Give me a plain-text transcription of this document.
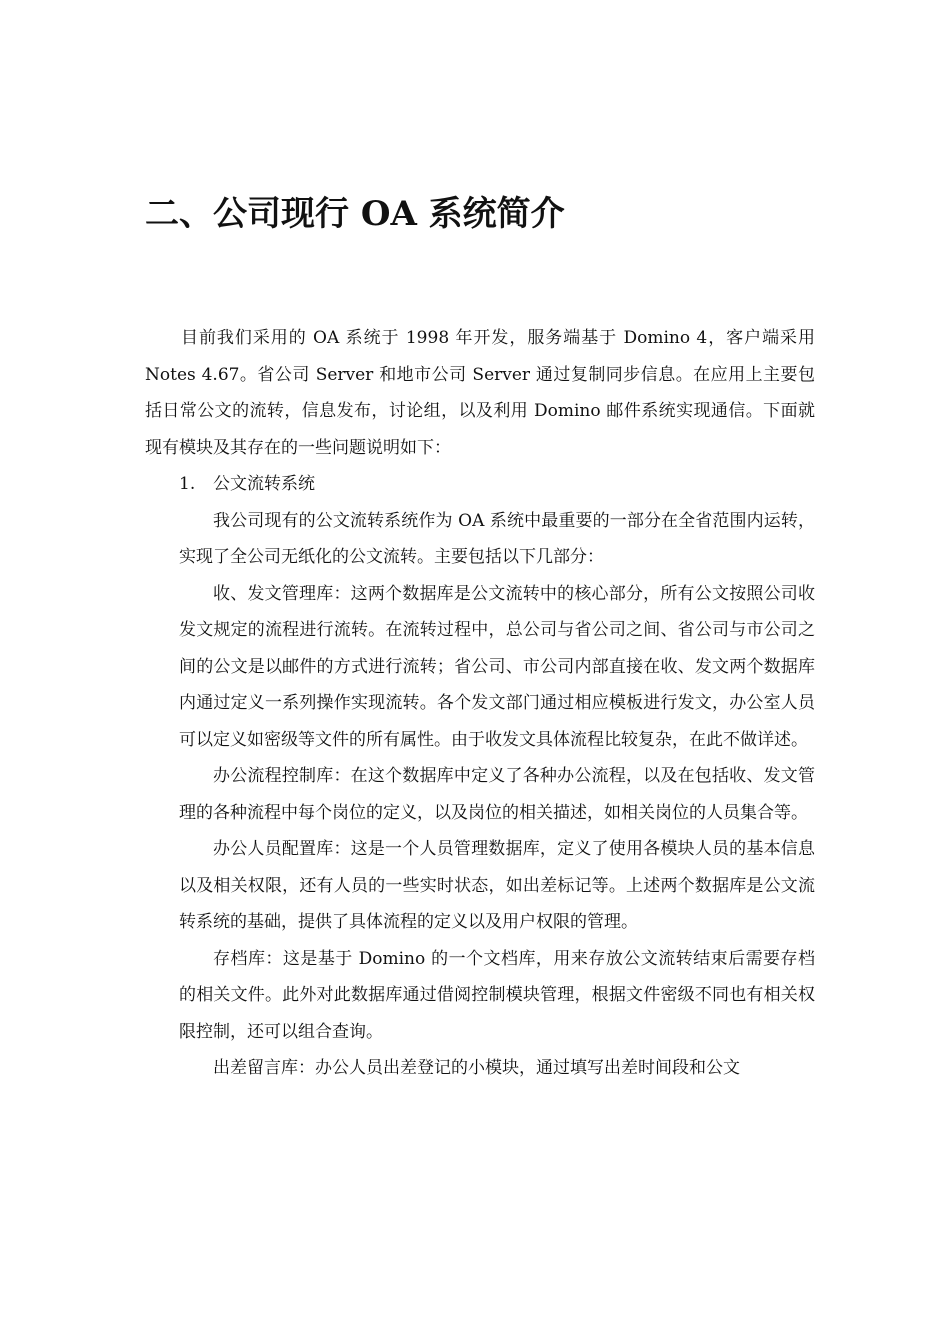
二、公司现行 OA 系统简介

目前我们采用的 OA 系统于 1998 年开发，服务端基于 Domino 4，客户端采用 Notes 4.67。省公司 Server 和地市公司 Server 通过复制同步信息。在应用上主要包括日常公文的流转，信息发布，讨论组，以及利用 Domino 邮件系统实现通信。下面就现有模块及其存在的一些问题说明如下：

1.	公文流转系统

我公司现有的公文流转系统作为 OA 系统中最重要的一部分在全省范围内运转，实现了全公司无纸化的公文流转。主要包括以下几部分：

收、发文管理库：这两个数据库是公文流转中的核心部分，所有公文按照公司收发文规定的流程进行流转。在流转过程中，总公司与省公司之间、省公司与市公司之间的公文是以邮件的方式进行流转；省公司、市公司内部直接在收、发文两个数据库内通过定义一系列操作实现流转。各个发文部门通过相应模板进行发文，办公室人员可以定义如密级等文件的所有属性。由于收发文具体流程比较复杂，在此不做详述。

办公流程控制库：在这个数据库中定义了各种办公流程，以及在包括收、发文管理的各种流程中每个岗位的定义，以及岗位的相关描述，如相关岗位的人员集合等。

办公人员配置库：这是一个人员管理数据库，定义了使用各模块人员的基本信息以及相关权限，还有人员的一些实时状态，如出差标记等。上述两个数据库是公文流转系统的基础，提供了具体流程的定义以及用户权限的管理。

存档库：这是基于 Domino 的一个文档库，用来存放公文流转结束后需要存档的相关文件。此外对此数据库通过借阅控制模块管理，根据文件密级不同也有相关权限控制，还可以组合查询。

出差留言库：办公人员出差登记的小模块，通过填写出差时间段和公文
